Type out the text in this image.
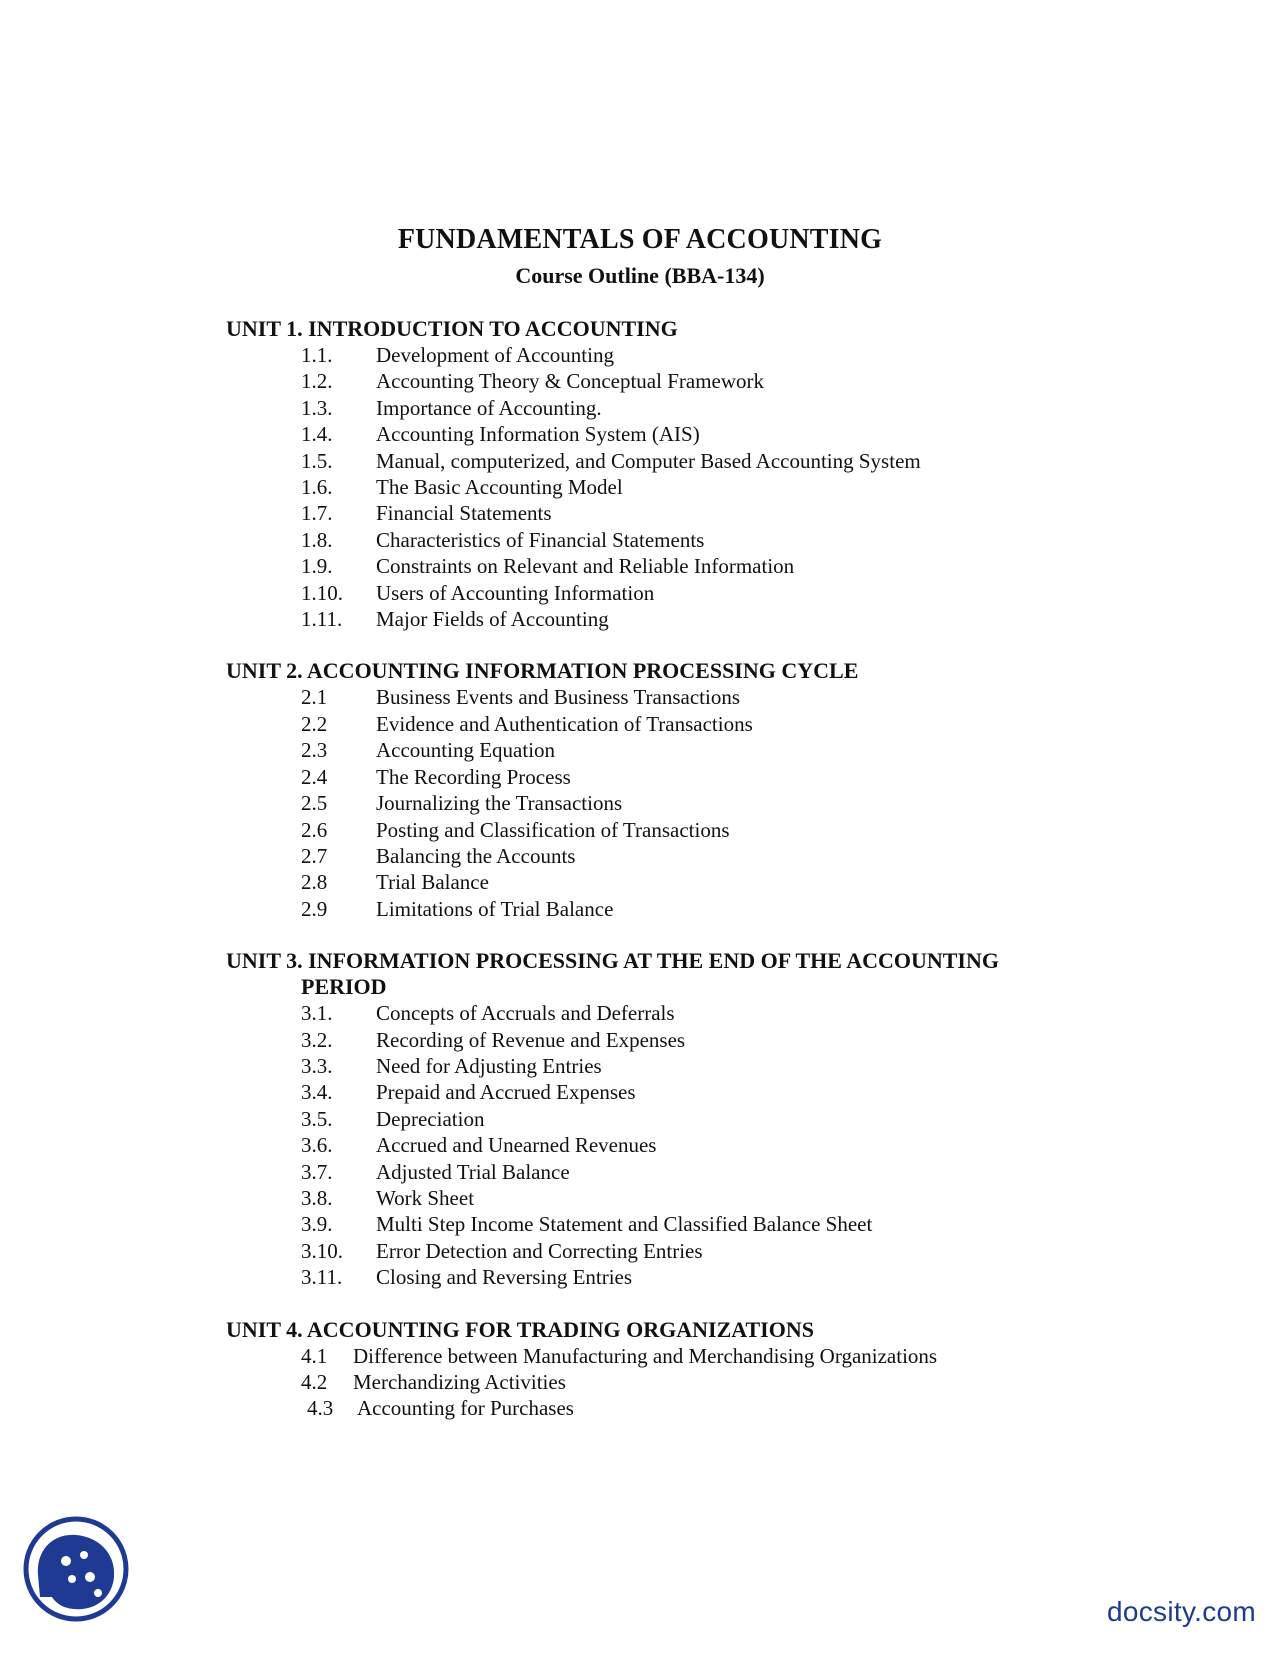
FUNDAMENTALS OF ACCOUNTING
Course Outline (BBA-134)
UNIT 1. INTRODUCTION TO ACCOUNTING
1.1.	Development of Accounting
1.2.	Accounting Theory & Conceptual Framework
1.3.	Importance of Accounting.
1.4.	Accounting Information System (AIS)
1.5.	Manual, computerized, and Computer Based Accounting System
1.6.	The Basic Accounting Model
1.7.	Financial Statements
1.8.	Characteristics of Financial Statements
1.9.	Constraints on Relevant and Reliable Information
1.10.	Users of Accounting Information
1.11.	Major Fields of Accounting
UNIT 2. ACCOUNTING INFORMATION PROCESSING CYCLE
2.1	Business Events and Business Transactions
2.2	Evidence and Authentication of Transactions
2.3	Accounting Equation
2.4	The Recording Process
2.5	Journalizing the Transactions
2.6	Posting and Classification of Transactions
2.7	Balancing the Accounts
2.8	Trial Balance
2.9	Limitations of Trial Balance
UNIT 3. INFORMATION PROCESSING AT THE END OF THE ACCOUNTING
PERIOD
3.1.	Concepts of Accruals and Deferrals
3.2.	Recording of Revenue and Expenses
3.3.	Need for Adjusting Entries
3.4.	Prepaid and Accrued Expenses
3.5.	Depreciation
3.6.	Accrued and Unearned Revenues
3.7.	Adjusted Trial Balance
3.8.	Work Sheet
3.9.	Multi Step Income Statement and Classified Balance Sheet
3.10.	Error Detection and Correcting Entries
3.11.	Closing and Reversing Entries
UNIT 4. ACCOUNTING FOR TRADING ORGANIZATIONS
4.1	Difference between Manufacturing and Merchandising Organizations
4.2	Merchandizing Activities
4.3	Accounting for Purchases
docsity.com
